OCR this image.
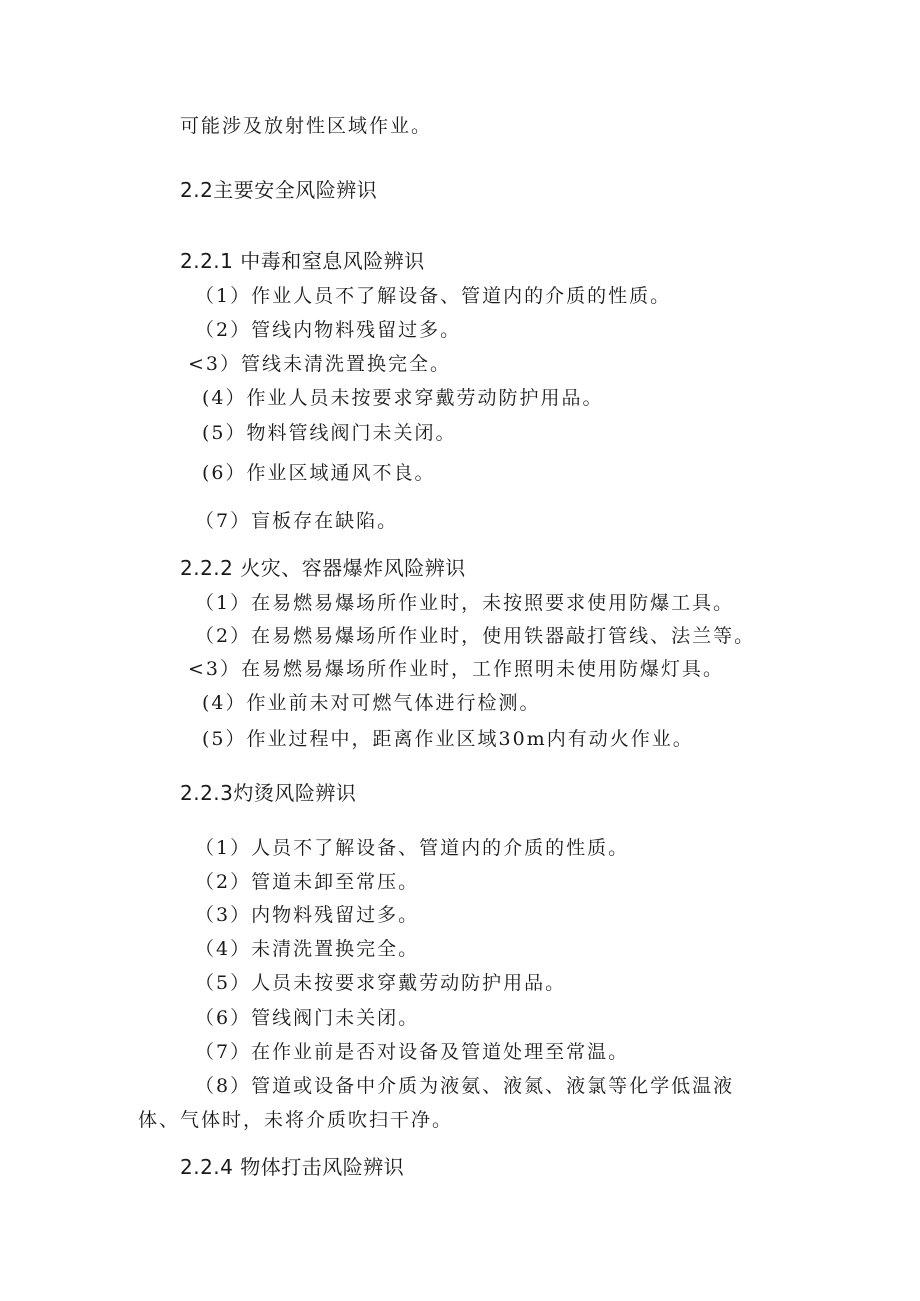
可能涉及放射性区域作业。
2.2主要安全风险辨识
2.2.1 中毒和窒息风险辨识
（1）作业人员不了解设备、管道内的介质的性质。
（2）管线内物料残留过多。
<3）管线未清洗置换完全。
(4）作业人员未按要求穿戴劳动防护用品。
(5）物料管线阀门未关闭。
(6）作业区域通风不良。
（7）盲板存在缺陷。
2.2.2 火灾、容器爆炸风险辨识
（1）在易燃易爆场所作业时，未按照要求使用防爆工具。
（2）在易燃易爆场所作业时，使用铁器敲打管线、法兰等。
<3）在易燃易爆场所作业时，工作照明未使用防爆灯具。
(4）作业前未对可燃气体进行检测。
(5）作业过程中，距离作业区域30m内有动火作业。
2.2.3灼烫风险辨识
（1）人员不了解设备、管道内的介质的性质。
（2）管道未卸至常压。
（3）内物料残留过多。
（4）未清洗置换完全。
（5）人员未按要求穿戴劳动防护用品。
（6）管线阀门未关闭。
（7）在作业前是否对设备及管道处理至常温。
（8）管道或设备中介质为液氨、液氮、液氯等化学低温液
体、气体时，未将介质吹扫干净。
2.2.4 物体打击风险辨识
